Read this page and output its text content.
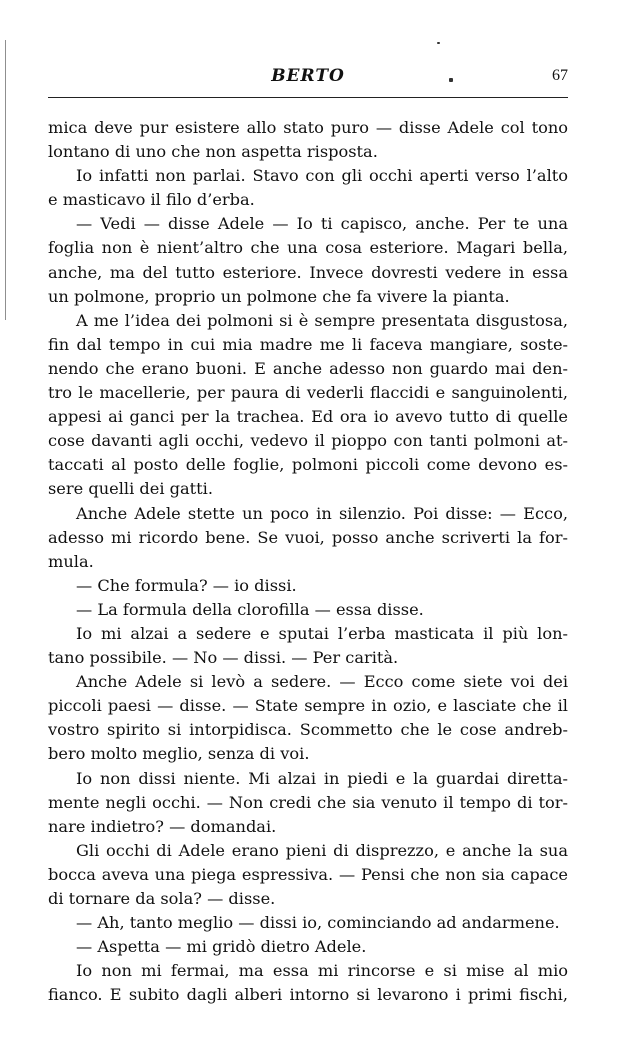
BERTO	67
mica deve pur esistere allo stato puro — disse Adele col tono
lontano di uno che non aspetta risposta.
Io infatti non parlai. Stavo con gli occhi aperti verso l’alto
e masticavo il filo d’erba.
— Vedi — disse Adele — Io ti capisco, anche. Per te una
foglia non è nient’altro che una cosa esteriore. Magari bella,
anche, ma del tutto esteriore. Invece dovresti vedere in essa
un polmone, proprio un polmone che fa vivere la pianta.
A me l’idea dei polmoni si è sempre presentata disgustosa,
fin dal tempo in cui mia madre me li faceva mangiare, soste-
nendo che erano buoni. E anche adesso non guardo mai den-
tro le macellerie, per paura di vederli flaccidi e sanguinolenti,
appesi ai ganci per la trachea. Ed ora io avevo tutto di quelle
cose davanti agli occhi, vedevo il pioppo con tanti polmoni at-
taccati al posto delle foglie, polmoni piccoli come devono es-
sere quelli dei gatti.
Anche Adele stette un poco in silenzio. Poi disse: — Ecco,
adesso mi ricordo bene. Se vuoi, posso anche scriverti la for-
mula.
— Che formula? — io dissi.
— La formula della clorofilla — essa disse.
Io mi alzai a sedere e sputai l’erba masticata il più lon-
tano possibile. — No — dissi. — Per carità.
Anche Adele si levò a sedere. — Ecco come siete voi dei
piccoli paesi — disse. — State sempre in ozio, e lasciate che il
vostro spirito si intorpidisca. Scommetto che le cose andreb-
bero molto meglio, senza di voi.
Io non dissi niente. Mi alzai in piedi e la guardai diretta-
mente negli occhi. — Non credi che sia venuto il tempo di tor-
nare indietro? — domandai.
Gli occhi di Adele erano pieni di disprezzo, e anche la sua
bocca aveva una piega espressiva. — Pensi che non sia capace
di tornare da sola? — disse.
— Ah, tanto meglio — dissi io, cominciando ad andarmene.
— Aspetta — mi gridò dietro Adele.
Io non mi fermai, ma essa mi rincorse e si mise al mio
fianco. E subito dagli alberi intorno si levarono i primi fischi,
